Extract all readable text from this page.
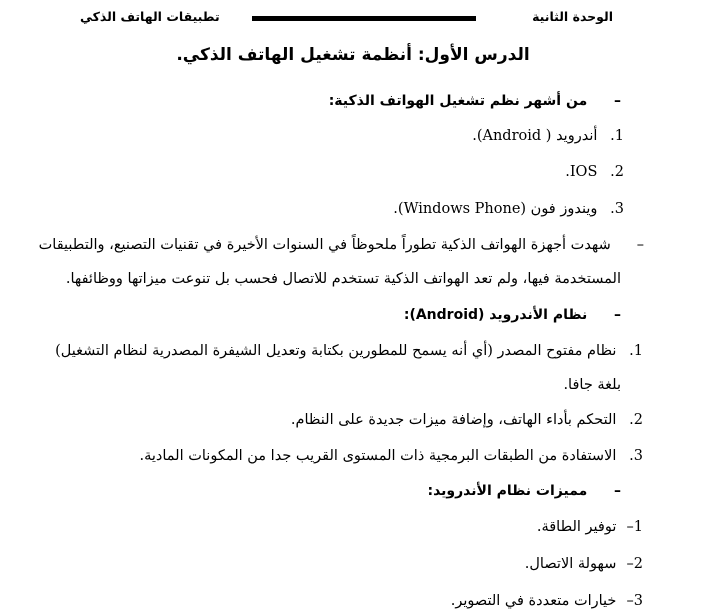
الوحدة الثانية
تطبيقات الهاتف الذكي
الدرس الأول: أنظمة تشغيل الهاتف الذكي.
–  من أشهر نظم تشغيل الهواتف الذكية:
1. أندرويد ( Android).
2. IOS.
3. ويندوز فون (Windows Phone).
–  شهدت أجهزة الهواتف الذكية تطوراً ملحوظاً في السنوات الأخيرة في تقنيات التصنيع، والتطبيقات
المستخدمة فيها، ولم تعد الهواتف الذكية تستخدم للاتصال فحسب بل تنوعت ميزاتها ووظائفها.
–  نظام الأندرويد (Android):
1. نظام مفتوح المصدر (أي أنه يسمح للمطورين بكتابة وتعديل الشيفرة المصدرية لنظام التشغيل)
بلغة جافا.
2. التحكم بأداء الهاتف، وإضافة ميزات جديدة على النظام.
3. الاستفادة من الطبقات البرمجية ذات المستوى القريب جدا من المكونات المادية.
–  مميزات نظام الأندرويد:
1– توفير الطاقة.
2– سهولة الاتصال.
3– خيارات متعددة في التصوير.
